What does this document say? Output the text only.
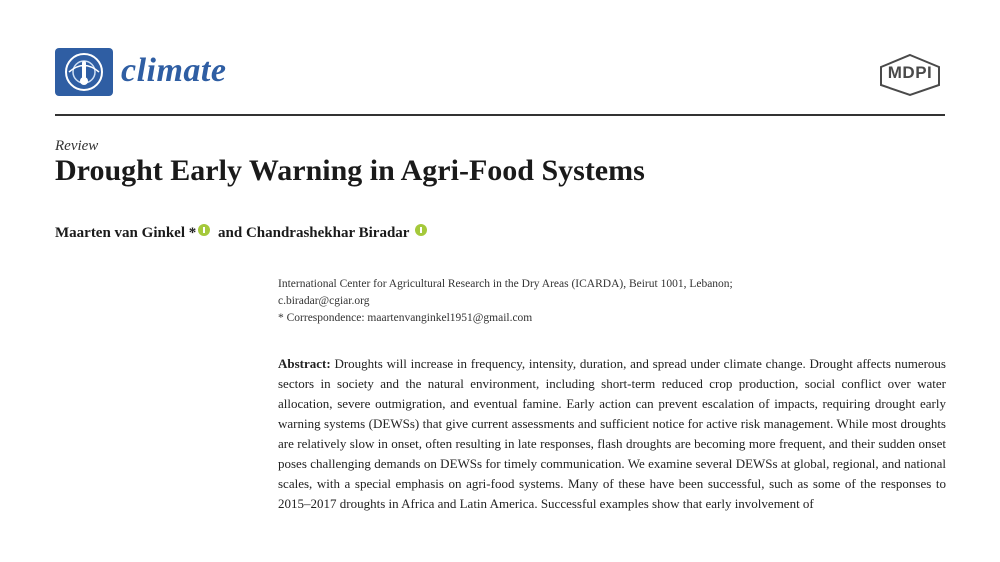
climate	MDPI
Review
Drought Early Warning in Agri-Food Systems
Maarten van Ginkel * and Chandrashekhar Biradar
International Center for Agricultural Research in the Dry Areas (ICARDA), Beirut 1001, Lebanon;
c.biradar@cgiar.org
* Correspondence: maartenvanginkel1951@gmail.com
Abstract: Droughts will increase in frequency, intensity, duration, and spread under climate change. Drought affects numerous sectors in society and the natural environment, including short-term reduced crop production, social conflict over water allocation, severe outmigration, and eventual famine. Early action can prevent escalation of impacts, requiring drought early warning systems (DEWSs) that give current assessments and sufficient notice for active risk management. While most droughts are relatively slow in onset, often resulting in late responses, flash droughts are becoming more frequent, and their sudden onset poses challenging demands on DEWSs for timely communication. We examine several DEWSs at global, regional, and national scales, with a special emphasis on agri-food systems. Many of these have been successful, such as some of the responses to 2015–2017 droughts in Africa and Latin America. Successful examples show that early involvement of
